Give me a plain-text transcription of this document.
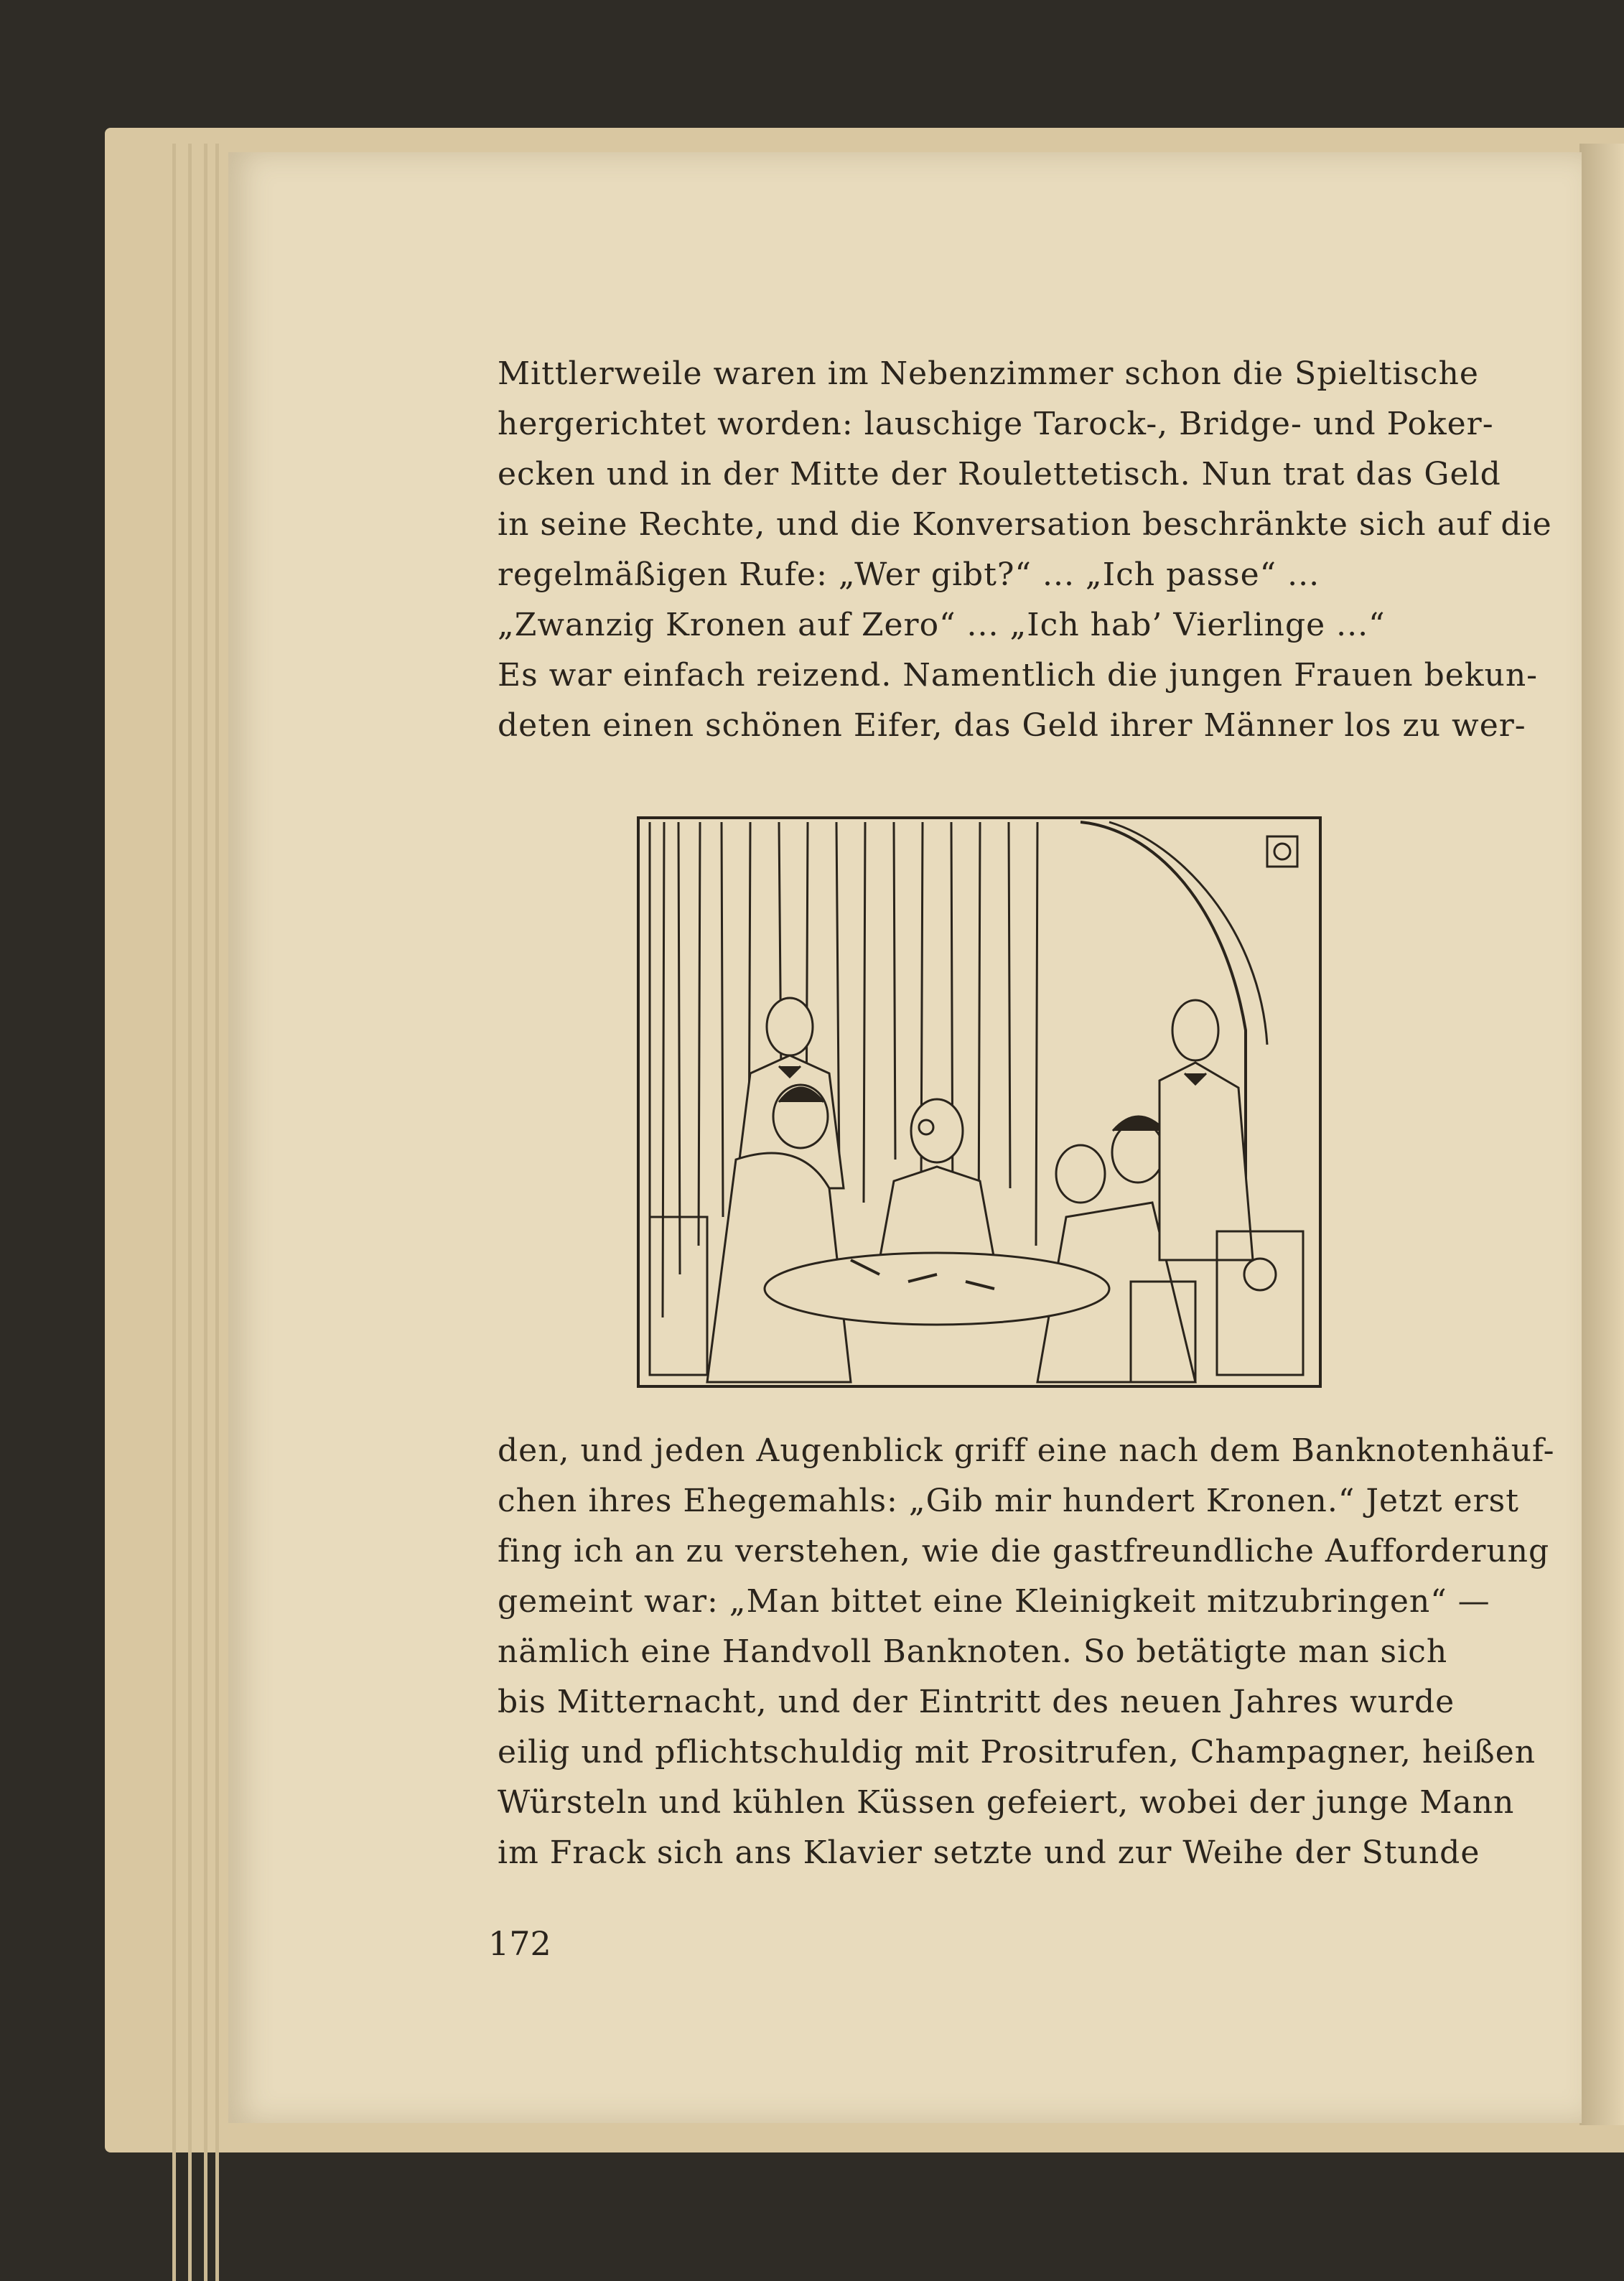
Mittlerweile waren im Nebenzimmer schon die Spieltische
hergerichtet worden: lauschige Tarock-, Bridge- und Poker-
ecken und in der Mitte der Roulettetisch. Nun trat das Geld
in seine Rechte, und die Konversation beschränkte sich auf die
regelmäßigen Rufe: „Wer gibt?“ ... „Ich passe“ ...
„Zwanzig Kronen auf Zero“ ... „Ich hab’ Vierlinge ...“
Es war einfach reizend. Namentlich die jungen Frauen bekun-
deten einen schönen Eifer, das Geld ihrer Männer los zu wer-
den, und jeden Augenblick griff eine nach dem Banknotenhäuf-
chen ihres Ehegemahls: „Gib mir hundert Kronen.“ Jetzt erst
fing ich an zu verstehen, wie die gastfreundliche Aufforderung
gemeint war: „Man bittet eine Kleinigkeit mitzubringen“ —
nämlich eine Handvoll Banknoten. So betätigte man sich
bis Mitternacht, und der Eintritt des neuen Jahres wurde
eilig und pflichtschuldig mit Prositrufen, Champagner, heißen
Würsteln und kühlen Küssen gefeiert, wobei der junge Mann
im Frack sich ans Klavier setzte und zur Weihe der Stunde
172
